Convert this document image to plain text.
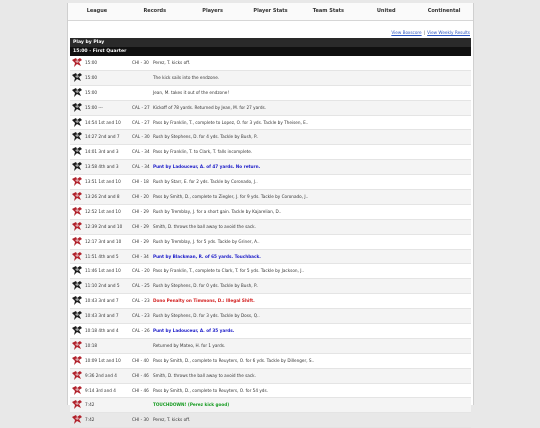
League	Records	Players	Player Stats	Team Stats	United	Continental
View Boxscore | View Weekly Results
Play by Play
15:00 - First Quarter
15:00	CHI - 30 Perez, T. kicks off.
15:00	The kick sails into the endzone.
15:00	Jean, M. takes it out of the endzone!
15:00 ---	CAL - 27 Kickoff of 78 yards. Returned by Jean, M. for 27 yards.
14:54 1st and 10	CAL - 27 Pass by Franklin, T., complete to Lopez, O. for 3 yds. Tackle by Theisen, E..
14:27 2nd and 7	CAL - 30 Rush by Stephens, D. for 4 yds. Tackle by Bush, P..
14:01 3rd and 3	CAL - 34 Pass by Franklin, T. to Clark, T. falls incomplete.
13:58 4th and 3	CAL - 34 Punt by Ladouceur, A. of 47 yards. No return.
13:51 1st and 10	CHI - 18 Rush by Starr, E. for 2 yds. Tackle by Coronado, J..
13:26 2nd and 8	CHI - 20 Pass by Smith, D., complete to Ziegler, J. for 9 yds. Tackle by Coronado, J..
12:52 1st and 10	CHI - 29 Rush by Tremblay, J. for a short gain. Tackle by Kajarelian, D..
12:39 2nd and 10 CHI - 29 Smith, D. throws the ball away to avoid the sack.
12:17 3rd and 10	CHI - 29 Rush by Tremblay, J. for 5 yds. Tackle by Griner, A..
11:51 4th and 5	CHI - 34 Punt by Blackman, R. of 65 yards. Touchback.
11:46 1st and 10	CAL - 20 Pass by Franklin, T., complete to Clark, T. for 5 yds. Tackle by Jackson, J..
11:10 2nd and 5	CAL - 25 Rush by Stephens, D. for 0 yds. Tackle by Bush, P..
10:43 3rd and 7	CAL - 23 Dono Penalty on Timmons, D.: Illegal Shift.
10:43 3rd and 7	CAL - 23 Rush by Stephens, D. for 3 yds. Tackle by Doss, Q..
10:18 4th and 4	CAL - 26 Punt by Ladouceur, A. of 35 yards.
10:18	Returned by Mateo, H. for 1 yards.
10:09 1st and 10	CHI - 40 Pass by Smith, D., complete to Reuyters, O. for 6 yds. Tackle by Dillenger, S..
9:36 2nd and 4	CHI - 46 Smith, D. throws the ball away to avoid the sack.
9:14 3rd and 4	CHI - 46 Pass by Smith, D., complete to Reuyters, O. for 54 yds.
7:42	TOUCHDOWN! (Perez kick good)
7:42	CHI - 30 Perez, T. kicks off.
